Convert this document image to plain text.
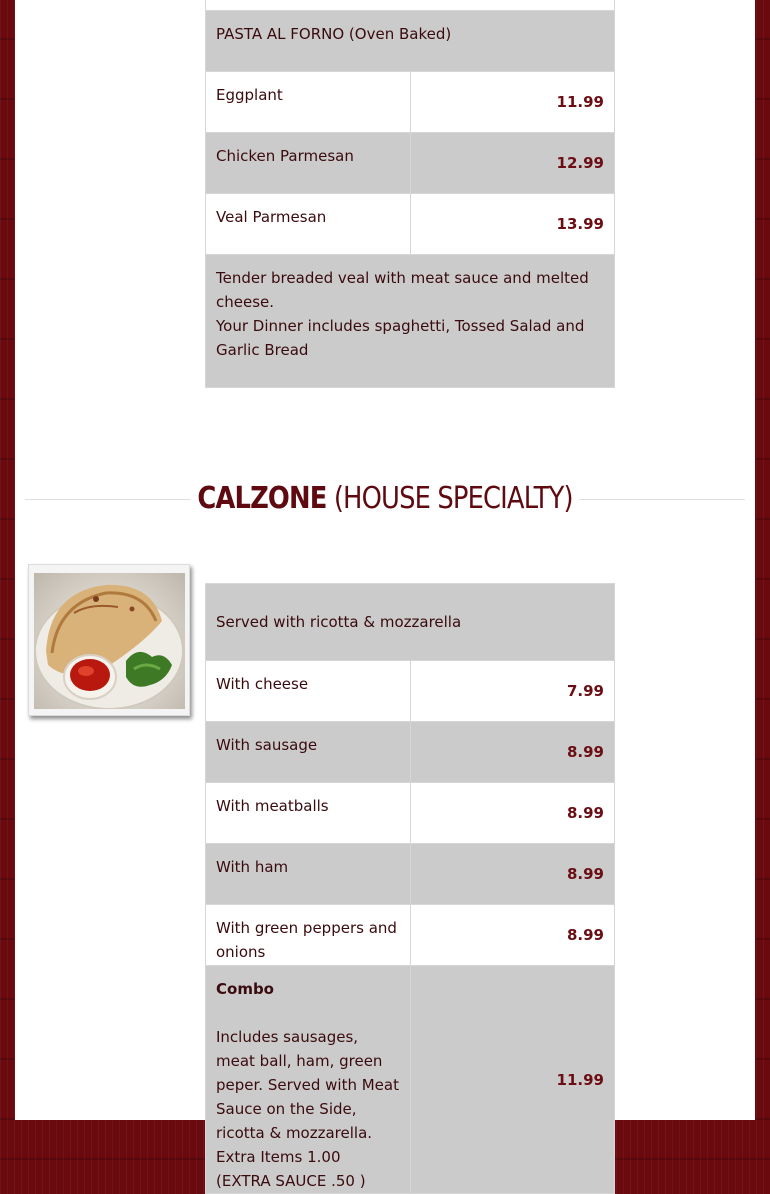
PASTA AL FORNO (Oven Baked)	
Eggplant	11.99
Chicken Parmesan	12.99
Veal Parmesan	13.99

Tender breaded veal with meat sauce and melted cheese.
Your Dinner includes spaghetti, Tossed Salad and Garlic Bread	
CALZONE (HOUSE SPECIALTY)
Served with ricotta & mozzarella	
With cheese	7.99
With sausage	8.99
With meatballs	8.99
With ham	8.99
With green peppers and onions	8.99

Combo
Includes sausages, meat ball, ham, green peper. Served with Meat Sauce on the Side, ricotta & mozzarella. Extra Items 1.00 (EXTRA SAUCE .50 )	11.99
